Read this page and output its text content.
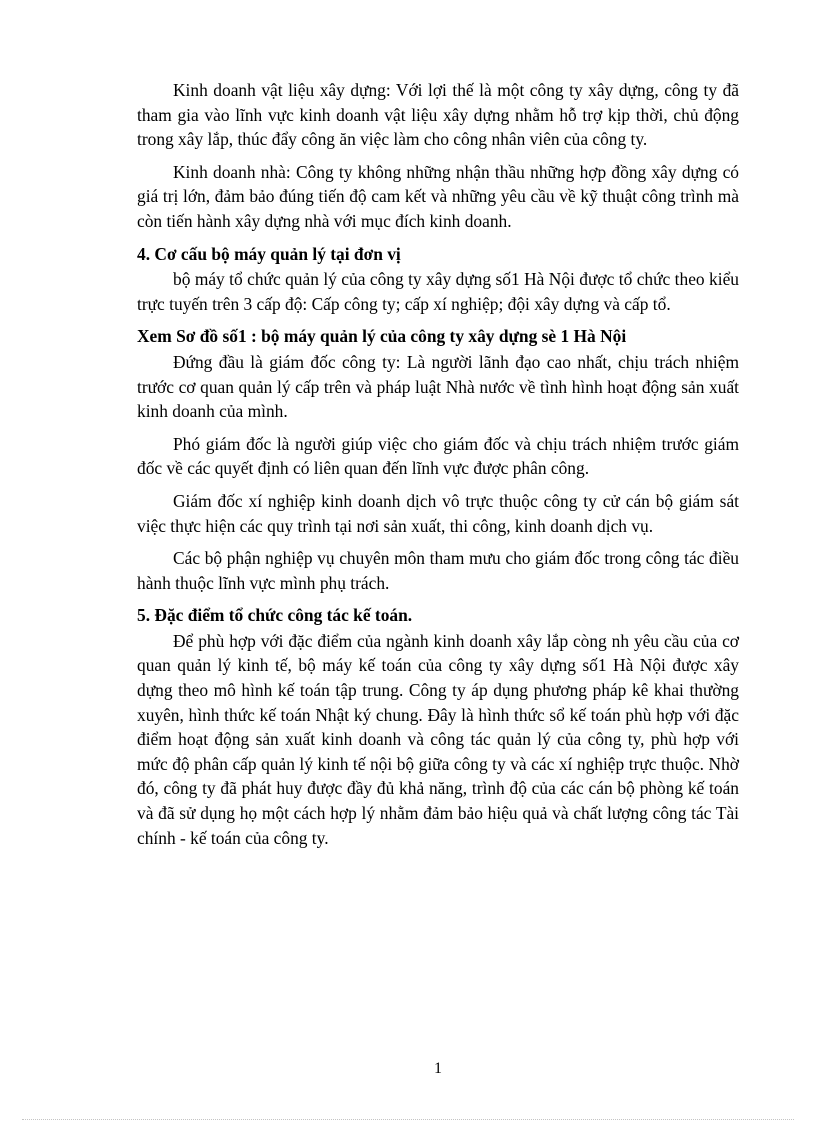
Kinh doanh vật liệu xây dựng: Với lợi thế là một công ty xây dựng, công ty đã tham gia vào lĩnh vực kinh doanh vật liệu xây dựng nhằm hỗ trợ kịp thời, chủ động trong xây lắp, thúc đẩy công ăn việc làm cho công nhân viên của công ty.

Kinh doanh nhà: Công ty không những nhận thầu những hợp đồng xây dựng có giá trị lớn, đảm bảo đúng tiến độ cam kết và những yêu cầu về kỹ thuật công trình mà còn tiến hành xây dựng nhà với mục đích kinh doanh.

4. Cơ cấu bộ máy quản lý tại đơn vị

bộ máy tổ chức quản lý của công ty xây dựng số1 Hà Nội được tổ chức theo kiểu trực tuyến trên 3 cấp độ: Cấp công ty; cấp xí nghiệp; đội xây dựng và cấp tổ.

Xem Sơ đồ số1 : bộ máy quản lý của công ty xây dựng sè 1 Hà Nội

Đứng đầu là giám đốc công ty: Là người lãnh đạo cao nhất, chịu trách nhiệm trước cơ quan quản lý cấp trên và pháp luật Nhà nước về tình hình hoạt động sản xuất kinh doanh của mình.

Phó giám đốc là người giúp việc cho giám đốc và chịu trách nhiệm trước giám đốc về các quyết định có liên quan đến lĩnh vực được phân công.

Giám đốc xí nghiệp kinh doanh dịch vô trực thuộc công ty cử cán bộ giám sát việc thực hiện các quy trình tại nơi sản xuất, thi công, kinh doanh dịch vụ.

Các bộ phận nghiệp vụ chuyên môn tham mưu cho giám đốc trong công tác điều hành thuộc lĩnh vực mình phụ trách.

5. Đặc điểm tổ chức công tác kế toán.

Để phù hợp với đặc điểm của ngành kinh doanh xây lắp còng nh yêu cầu của cơ quan quản lý kinh tế, bộ máy kế toán của công ty xây dựng số1 Hà Nội được xây dựng theo mô hình kế toán tập trung. Công ty áp dụng phương pháp kê khai thường xuyên, hình thức kế toán Nhật ký chung. Đây là hình thức sổ kế toán phù hợp với đặc điểm hoạt động sản xuất kinh doanh và công tác quản lý của công ty, phù hợp với mức độ phân cấp quản lý kinh tế nội bộ giữa công ty và các xí nghiệp trực thuộc. Nhờ đó, công ty đã phát huy được đầy đủ khả năng, trình độ của các cán bộ phòng kế toán và đã sử dụng họ một cách hợp lý nhằm đảm bảo hiệu quả và chất lượng công tác Tài chính - kế toán của công ty.

1
